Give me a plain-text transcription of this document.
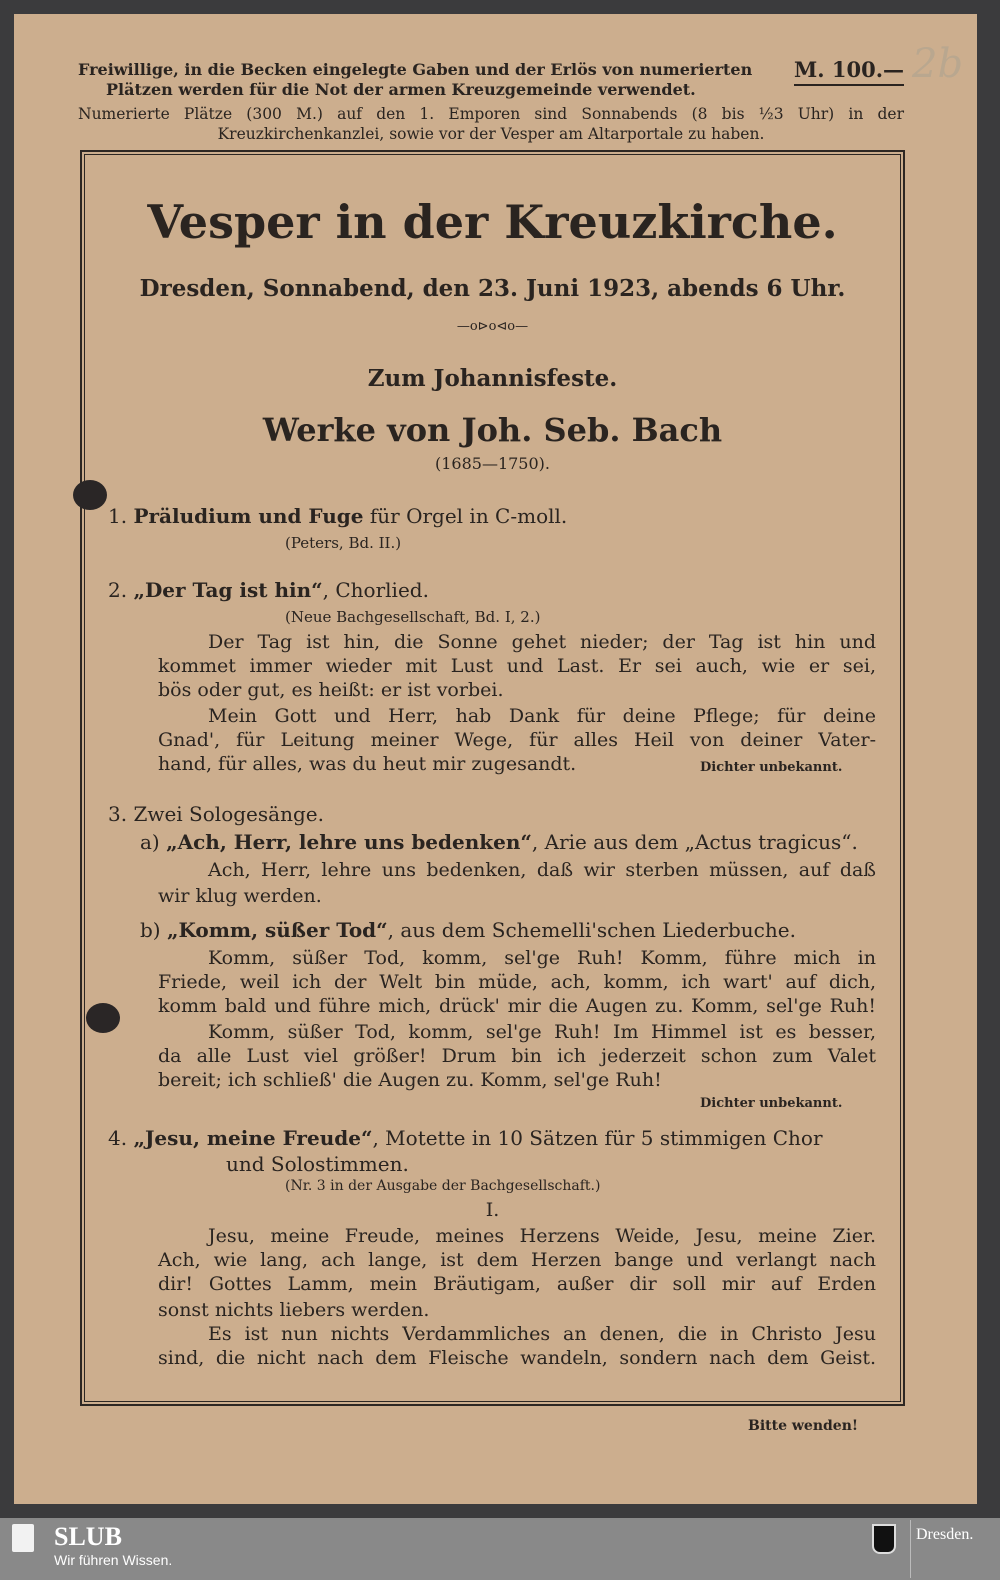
Freiwillige, in die Becken eingelegte Gaben und der Erlös von numerierten
Plätzen werden für die Not der armen Kreuzgemeinde verwendet.
M. 100.— 2b
Numerierte Plätze (300 M.) auf den 1. Emporen sind Sonnabends (8 bis ½3 Uhr) in der
Kreuzkirchenkanzlei, sowie vor der Vesper am Altarportale zu haben.
Vesper in der Kreuzkirche.
Dresden, Sonnabend, den 23. Juni 1923, abends 6 Uhr.
—o⊳o⊲o—
Zum Johannisfeste.
Werke von Joh. Seb. Bach
(1685—1750).
1. Präludium und Fuge für Orgel in C-moll.
(Peters, Bd. II.)
2. „Der Tag ist hin“, Chorlied.
(Neue Bachgesellschaft, Bd. I, 2.)
Der Tag ist hin, die Sonne gehet nieder; der Tag ist hin und
kommet immer wieder mit Lust und Last. Er sei auch, wie er sei,
bös oder gut, es heißt: er ist vorbei.
Mein Gott und Herr, hab Dank für deine Pflege; für deine
Gnad', für Leitung meiner Wege, für alles Heil von deiner Vater-
hand, für alles, was du heut mir zugesandt.	Dichter unbekannt.
3. Zwei Sologesänge.
a) „Ach, Herr, lehre uns bedenken“, Arie aus dem „Actus tragicus“.
Ach, Herr, lehre uns bedenken, daß wir sterben müssen, auf daß
wir klug werden.
b) „Komm, süßer Tod“, aus dem Schemelli'schen Liederbuche.
Komm, süßer Tod, komm, sel'ge Ruh! Komm, führe mich in
Friede, weil ich der Welt bin müde, ach, komm, ich wart' auf dich,
komm bald und führe mich, drück' mir die Augen zu. Komm, sel'ge Ruh!
Komm, süßer Tod, komm, sel'ge Ruh! Im Himmel ist es besser,
da alle Lust viel größer! Drum bin ich jederzeit schon zum Valet
bereit; ich schließ' die Augen zu. Komm, sel'ge Ruh!
Dichter unbekannt.
4. „Jesu, meine Freude“, Motette in 10 Sätzen für 5 stimmigen Chor
und Solostimmen.
(Nr. 3 in der Ausgabe der Bachgesellschaft.)
I.
Jesu, meine Freude, meines Herzens Weide, Jesu, meine Zier.
Ach, wie lang, ach lange, ist dem Herzen bange und verlangt nach
dir! Gottes Lamm, mein Bräutigam, außer dir soll mir auf Erden
sonst nichts liebers werden.
Es ist nun nichts Verdammliches an denen, die in Christo Jesu
sind, die nicht nach dem Fleische wandeln, sondern nach dem Geist.
Bitte wenden!
SLUB
Wir führen Wissen.
Dresden.
